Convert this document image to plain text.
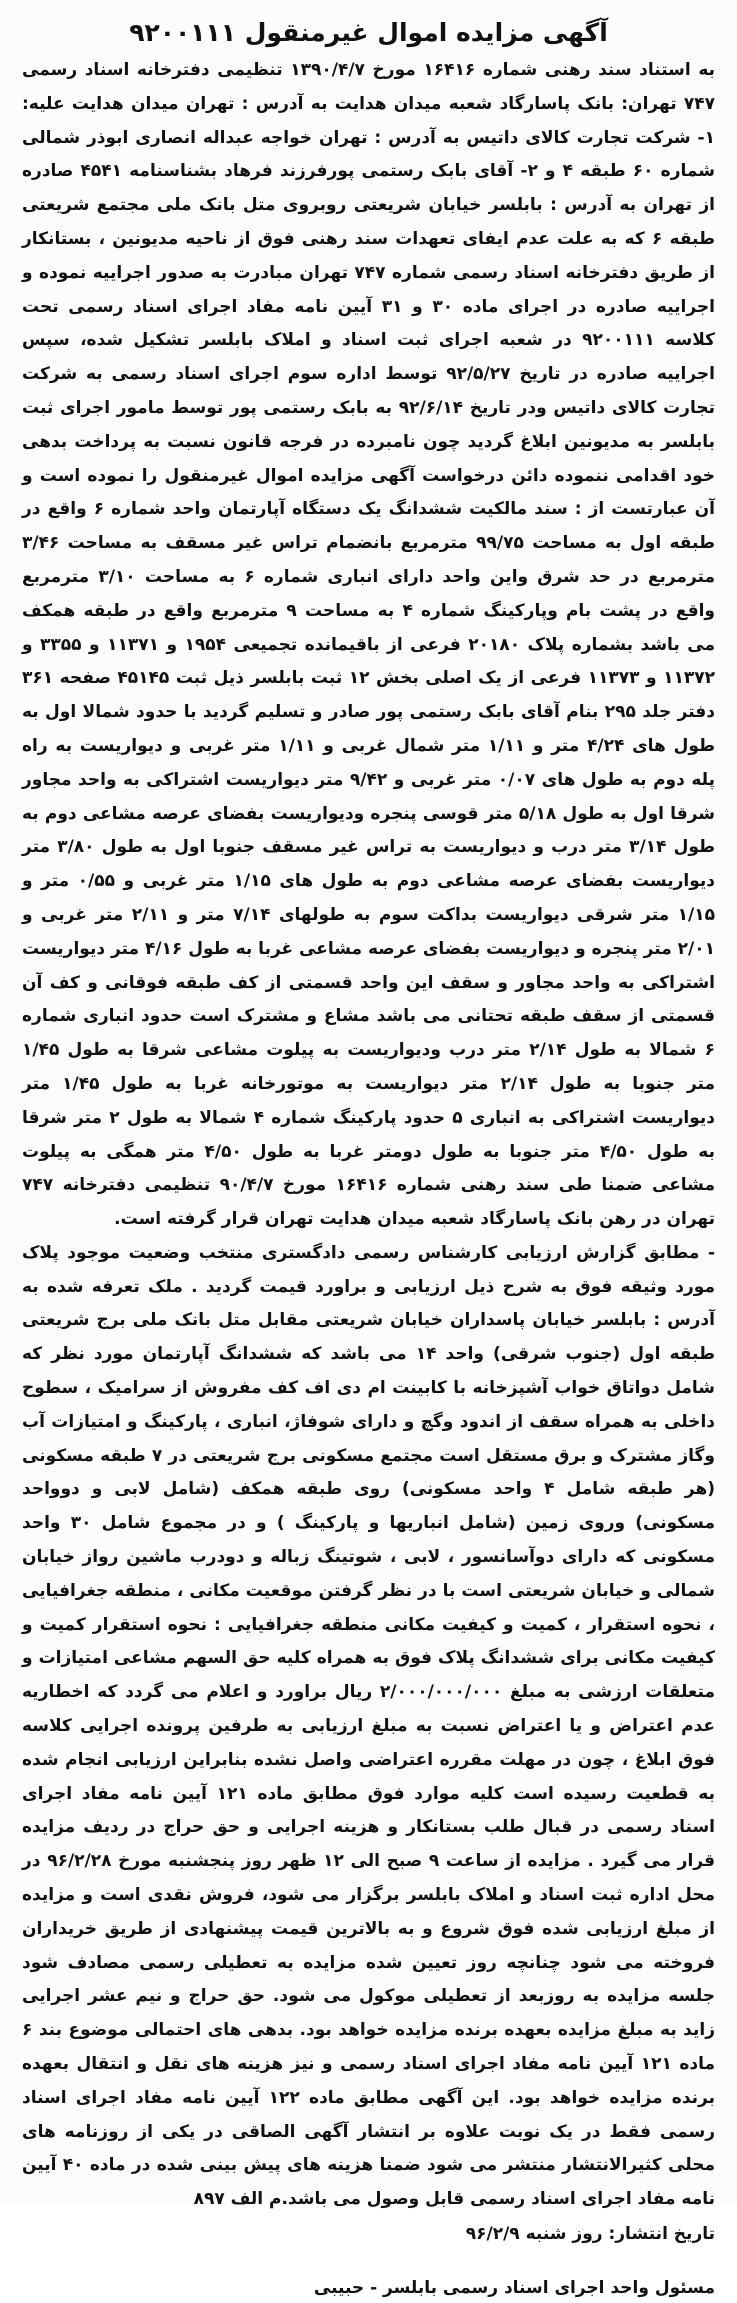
آگهی مزایده اموال غیرمنقول ۹۲۰۰۱۱۱

به استناد سند رهنی شماره ۱۶۴۱۶ مورخ ۱۳۹۰/۴/۷ تنظیمی دفترخانه اسناد رسمی ۷۴۷ تهران: بانک پاسارگاد شعبه میدان هدایت به آدرس : تهران میدان هدایت علیه: ۱- شرکت تجارت کالای داتیس به آدرس : تهران خواجه عبداله انصاری ابوذر شمالی شماره ۶۰ طبقه ۴ و ۲- آقای بابک رستمی پورفرزند فرهاد بشناسنامه ۴۵۴۱ صادره از تهران به آدرس : بابلسر خیابان شریعتی روبروی متل بانک ملی مجتمع شریعتی طبقه ۶ که به علت عدم ایفای تعهدات سند رهنی فوق از ناحیه مدیونین ، بستانکار از طریق دفترخانه اسناد رسمی شماره ۷۴۷ تهران مبادرت به صدور اجراییه نموده و اجراییه صادره در اجرای ماده ۳۰ و ۳۱ آیین نامه مفاد اجرای اسناد رسمی تحت کلاسه ۹۲۰۰۱۱۱ در شعبه اجرای ثبت اسناد و املاک بابلسر تشکیل شده، سپس اجراییه صادره در تاریخ ۹۲/۵/۲۷ توسط اداره سوم اجرای اسناد رسمی به شرکت تجارت کالای داتیس ودر تاریخ ۹۲/۶/۱۴ به بابک رستمی پور توسط مامور اجرای ثبت بابلسر به مدیونین ابلاغ گردید چون نامبرده در فرجه قانون نسبت به پرداخت بدهی خود اقدامی ننموده دائن درخواست آگهی مزایده اموال غیرمنقول را نموده است و آن عبارتست از : سند مالکیت ششدانگ یک دستگاه آپارتمان واحد شماره ۶ واقع در طبقه اول به مساحت ۹۹/۷۵ مترمربع بانضمام تراس غیر مسقف به مساحت ۳/۴۶ مترمربع در حد شرق واین واحد دارای انباری شماره ۶ به مساحت ۳/۱۰ مترمربع واقع در پشت بام وپارکینگ شماره ۴ به مساحت ۹ مترمربع واقع در طبقه همکف می باشد بشماره پلاک ۲۰۱۸۰ فرعی از باقیمانده تجمیعی ۱۹۵۴ و ۱۱۳۷۱ و ۳۳۵۵ و ۱۱۳۷۲ و ۱۱۳۷۳ فرعی از یک اصلی بخش ۱۲ ثبت بابلسر ذیل ثبت ۴۵۱۴۵ صفحه ۳۶۱ دفتر جلد ۲۹۵ بنام آقای بابک رستمی پور صادر و تسلیم گردید با حدود شمالا اول به طول های ۴/۲۴ متر و ۱/۱۱ متر شمال غربی و ۱/۱۱ متر غربی و دیواریست به راه پله دوم به طول های ۰/۰۷ متر غربی و ۹/۴۲ متر دیواریست اشتراکی به واحد مجاور شرقا اول به طول ۵/۱۸ متر قوسی پنجره ودیواریست بفضای عرصه مشاعی دوم به طول ۳/۱۴ متر درب و دیواریست به تراس غیر مسقف جنوبا اول به طول ۳/۸۰ متر دیواریست بفضای عرصه مشاعی دوم به طول های ۱/۱۵ متر غربی و ۰/۵۵ متر و ۱/۱۵ متر شرقی دیواریست بداکت سوم به طولهای ۷/۱۴ متر و ۲/۱۱ متر غربی و ۲/۰۱ متر پنجره و دیواریست بفضای عرصه مشاعی غربا به طول ۴/۱۶ متر دیواریست اشتراکی به واحد مجاور و سقف این واحد قسمتی از کف طبقه فوقانی و کف آن قسمتی از سقف طبقه تحتانی می باشد مشاع و مشترک است حدود انباری شماره ۶ شمالا به طول ۲/۱۴ متر درب ودیواریست به پیلوت مشاعی شرقا به طول ۱/۴۵ متر جنوبا به طول ۲/۱۴ متر دیواریست به موتورخانه غربا به طول ۱/۴۵ متر دیواریست اشتراکی به انباری ۵ حدود پارکینگ شماره ۴ شمالا به طول ۲ متر شرقا به طول ۴/۵۰ متر جنوبا به طول دومتر غربا به طول ۴/۵۰ متر همگی به پیلوت مشاعی ضمنا طی سند رهنی شماره ۱۶۴۱۶ مورخ ۹۰/۴/۷ تنظیمی دفترخانه ۷۴۷ تهران در رهن بانک پاسارگاد شعبه میدان هدایت تهران قرار گرفته است.

- مطابق گزارش ارزیابی کارشناس رسمی دادگستری منتخب وضعیت موجود پلاک مورد وثیقه فوق به شرح ذیل ارزیابی و براورد قیمت گردید . ملک تعرفه شده به آدرس : بابلسر خیابان پاسداران خیابان شریعتی مقابل متل بانک ملی برج شریعتی طبقه اول (جنوب شرقی) واحد ۱۴ می باشد که ششدانگ آپارتمان مورد نظر که شامل دواتاق خواب آشپزخانه با کابینت ام دی اف کف مفروش از سرامیک ، سطوح داخلی به همراه سقف از اندود وگچ و دارای شوفاژ، انباری ، پارکینگ و امتیازات آب وگاز مشترک و برق مستقل است مجتمع مسکونی برج شریعتی در ۷ طبقه مسکونی (هر طبقه شامل ۴ واحد مسکونی) روی طبقه همکف (شامل لابی و دوواحد مسکونی) وروی زمین (شامل انباریها و پارکینگ ) و در مجموع شامل ۳۰ واحد مسکونی که دارای دوآسانسور ، لابی ، شوتینگ زباله و دودرب ماشین رواز خیابان شمالی و خیابان شریعتی است با در نظر گرفتن موقعیت مکانی ، منطقه جغرافیایی ، نحوه استقرار ، کمیت و کیفیت مکانی منطقه جغرافیایی : نحوه استقرار کمیت و کیفیت مکانی برای ششدانگ پلاک فوق به همراه کلیه حق السهم مشاعی امتیازات و متعلقات ارزشی به مبلغ ۲/۰۰۰/۰۰۰/۰۰۰ ریال براورد و اعلام می گردد که اخطاریه عدم اعتراض و یا اعتراض نسبت به مبلغ ارزیابی به طرفین پرونده اجرایی کلاسه فوق ابلاغ ، چون در مهلت مقرره اعتراضی واصل نشده بنابراین ارزیابی انجام شده به قطعیت رسیده است کلیه موارد فوق مطابق ماده ۱۲۱ آیین نامه مفاد اجرای اسناد رسمی در قبال طلب بستانکار و هزینه اجرایی و حق حراج در ردیف مزایده قرار می گیرد . مزایده از ساعت ۹ صبح الی ۱۲ ظهر روز پنجشنبه مورخ ۹۶/۲/۲۸ در محل اداره ثبت اسناد و املاک بابلسر برگزار می شود، فروش نقدی است و مزایده از مبلغ ارزیابی شده فوق شروع و به بالاترین قیمت پیشنهادی از طریق خریداران فروخته می شود چنانچه روز تعیین شده مزایده به تعطیلی رسمی مصادف شود جلسه مزایده به روزبعد از تعطیلی موکول می شود. حق حراج و نیم عشر اجرایی زاید به مبلغ مزایده بعهده برنده مزایده خواهد بود. بدهی های احتمالی موضوع بند ۶ ماده ۱۲۱ آیین نامه مفاد اجرای اسناد رسمی و نیز هزینه های نقل و انتقال بعهده برنده مزایده خواهد بود. این آگهی مطابق ماده ۱۲۲ آیین نامه مفاد اجرای اسناد رسمی فقط در یک نوبت علاوه بر انتشار آگهی الصاقی در یکی از روزنامه های محلی کثیرالانتشار منتشر می شود ضمنا هزینه های پیش بینی شده در ماده ۴۰ آیین نامه مفاد اجرای اسناد رسمی قابل وصول می باشد.م الف ۸۹۷

تاریخ انتشار: روز شنبه ۹۶/۲/۹
مسئول واحد اجرای اسناد رسمی بابلسر - حبیبی
